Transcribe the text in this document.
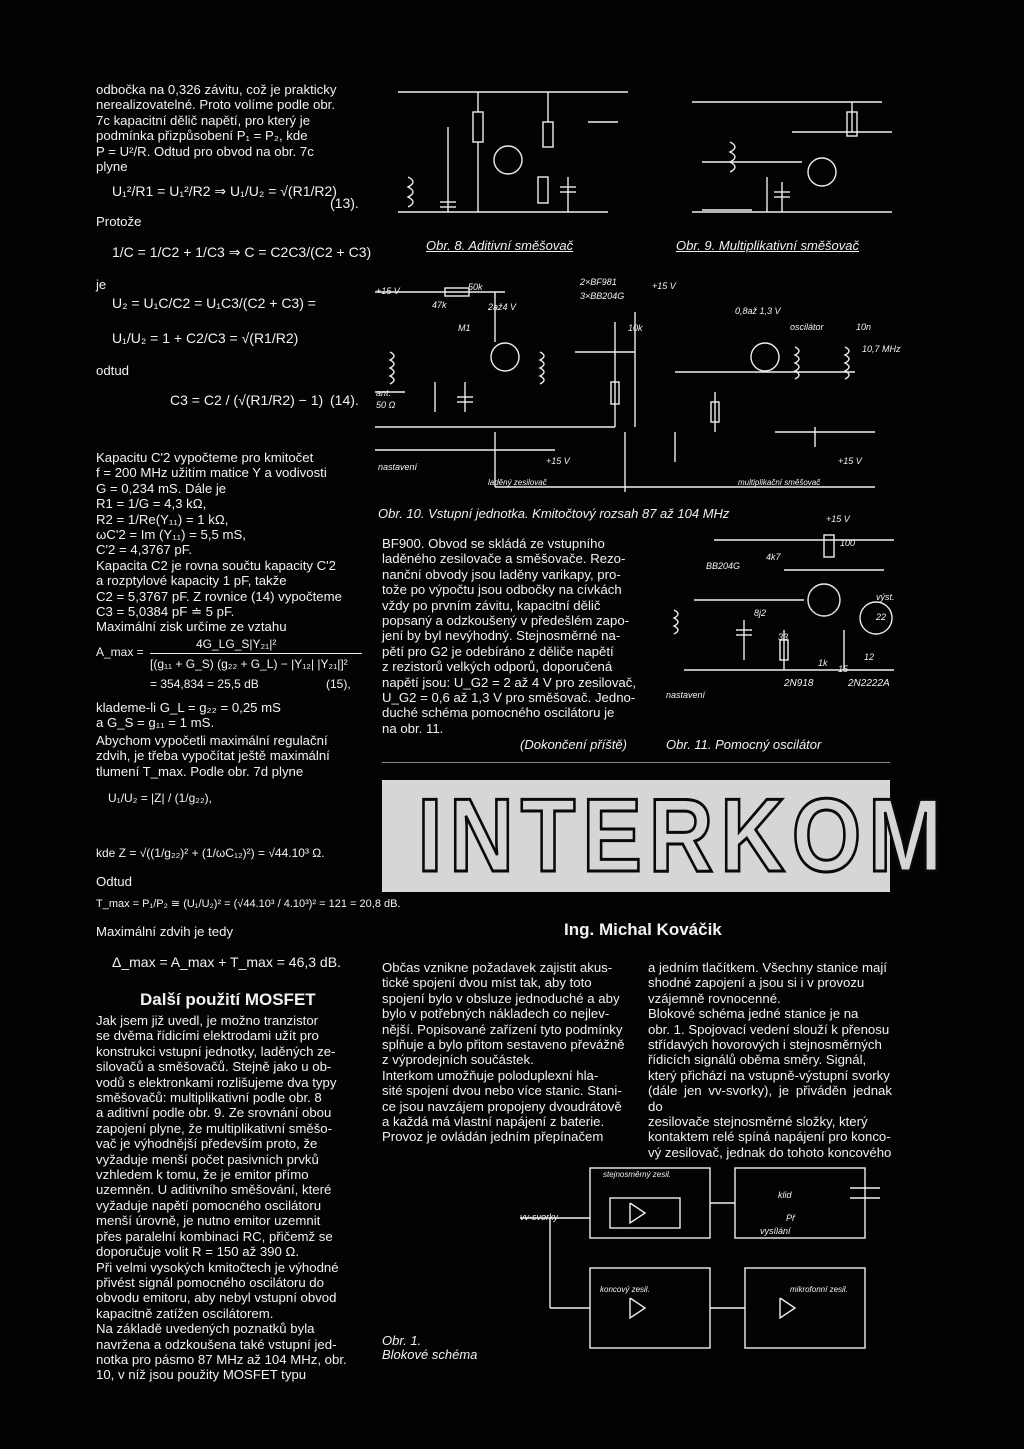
odbočka na 0,326 závitu, což je prakticky
nerealizovatelné. Proto volíme podle obr.
7c kapacitní dělič napětí, pro který je
podmínka přizpůsobení P₁ = P₂, kde
P = U²/R. Odtud pro obvod na obr. 7c
plyne
U₁²/R1 = U₁²/R2 ⇒ U₁/U₂ = √(R1/R2)
(13).
Protože
1/C = 1/C2 + 1/C3 ⇒ C = C2C3/(C2 + C3)
je
U₂ = U₁C/C2 = U₁C3/(C2 + C3) =
U₁/U₂ = 1 + C2/C3 = √(R1/R2)
odtud
C3 = C2 / (√(R1/R2) − 1) (14).
Kapacitu C'2 vypočteme pro kmitočet
f = 200 MHz užitím matice Y a vodivosti
G = 0,234 mS. Dále je
R1 = 1/G = 4,3 kΩ,
R2 = 1/Re(Y₁₁) = 1 kΩ,
ωC'2 = Im (Y₁₁) = 5,5 mS,
C'2 = 4,3767 pF.
Kapacita C2 je rovna součtu kapacity C'2
a rozptylové kapacity 1 pF, takže
C2 = 5,3767 pF. Z rovnice (14) vypočteme
C3 = 5,0384 pF ≐ 5 pF.
Maximální zisk určíme ze vztahu
4G_LG_S|Y₂₁|²
A_max =
[(g₁₁ + G_S) (g₂₂ + G_L) − |Y₁₂| |Y₂₁|]²
= 354,834 = 25,5 dB	(15),
klademe-li G_L = g₂₂ = 0,25 mS
a G_S = g₁₁ = 1 mS.
Abychom vypočetli maximální regulační
zdvih, je třeba vypočítat ještě maximální
tlumení T_max. Podle obr. 7d plyne
U₁/U₂ = |Z| / (1/g₂₂),
kde Z = √((1/g₂₂)² + (1/ωC₁₂)²) = √44.10³ Ω.
Odtud
T_max = P₁/P₂ ≅ (U₁/U₂)² = (√44.10³ / 4.10³)² = 121 = 20,8 dB.
Maximální zdvih je tedy
Δ_max = A_max + T_max = 46,3 dB.
Další použití MOSFET
Jak jsem již uvedl, je možno tranzistor
se dvěma řídicími elektrodami užít pro
konstrukci vstupní jednotky, laděných ze-
silovačů a směšovačů. Stejně jako u ob-
vodů s elektronkami rozlišujeme dva typy
směšovačů: multiplikativní podle obr. 8
a aditivní podle obr. 9. Ze srovnání obou
zapojení plyne, že multiplikativní směšo-
vač je výhodnější především proto, že
vyžaduje menší počet pasivních prvků
vzhledem k tomu, že je emitor přímo
uzemněn. U aditivního směšování, které
vyžaduje napětí pomocného oscilátoru
menší úrovně, je nutno emitor uzemnit
přes paralelní kombinaci RC, přičemž se
doporučuje volit R = 150 až 390 Ω.
Při velmi vysokých kmitočtech je výhodné
přivést signál pomocného oscilátoru do
obvodu emitoru, aby nebyl vstupní obvod
kapacitně zatížen oscilátorem.
Na základě uvedených poznatků byla
navržena a odzkoušena také vstupní jed-
notka pro pásmo 87 MHz až 104 MHz, obr.
10, v níž jsou použity MOSFET typu
Obr. 8. Aditivní směšovač	Obr. 9. Multiplikativní směšovač
+15 V	50k
47k	2až4 V
2×BF981
3×BB204G
+15 V
M1	10k
0,8až 1,3 V
oscilátor	10n
10,7 MHz
ant.
50 Ω
nastavení
+15 V
laděný zesilovač	multiplikační směšovač
+15 V
Obr. 10. Vstupní jednotka. Kmitočtový rozsah 87 až 104 MHz
BF900. Obvod se skládá ze vstupního
laděného zesilovače a směšovače. Rezo-
nanční obvody jsou laděny varikapy, pro-
tože po výpočtu jsou odbočky na cívkách
vždy po prvním závitu, kapacitní dělič
popsaný a odzkoušený v předešlém zapo-
jení by byl nevýhodný. Stejnosměrné na-
pětí pro G2 je odebíráno z děliče napětí
z rezistorů velkých odporů, doporučená
napětí jsou: U_G2 = 2 až 4 V pro zesilovač,
U_G2 = 0,6 až 1,3 V pro směšovač. Jedno-
duché schéma pomocného oscilátoru je
na obr. 11.
(Dokončení příště)
BB204G
4k7
100
+15 V
8j2
výst.
22
33
15
1k
12
nastavení
2N918	2N2222A
Obr. 11. Pomocný oscilátor
INTERKOM
Ing. Michal Kováčik
Občas vznikne požadavek zajistit akus-
tické spojení dvou míst tak, aby toto
spojení bylo v obsluze jednoduché a aby
bylo v potřebných nákladech co nejlev-
nější. Popisované zařízení tyto podmínky
splňuje a bylo přitom sestaveno převážně
z výprodejních součástek.
Interkom umožňuje poloduplexní hla-
sité spojení dvou nebo více stanic. Stani-
ce jsou navzájem propojeny dvoudrátově
a každá má vlastní napájení z baterie.
Provoz je ovládán jedním přepínačem
a jedním tlačítkem. Všechny stanice mají
shodné zapojení a jsou si i v provozu
vzájemně rovnocenné.
Blokové schéma jedné stanice je na
obr. 1. Spojovací vedení slouží k přenosu
střídavých hovorových i stejnosměrných
řídicích signálů oběma směry. Signál,
který přichází na vstupně-výstupní svorky
(dále jen vv-svorky), je přiváděn jednak do
zesilovače stejnosměrné složky, který
kontaktem relé spíná napájení pro konco-
vý zesilovač, jednak do tohoto koncového
stejnosměrný zesil.
vv-svorky
klid
Př
vysílání
koncový zesil.	mikrofonní zesil.
Obr. 1.
Blokové schéma
